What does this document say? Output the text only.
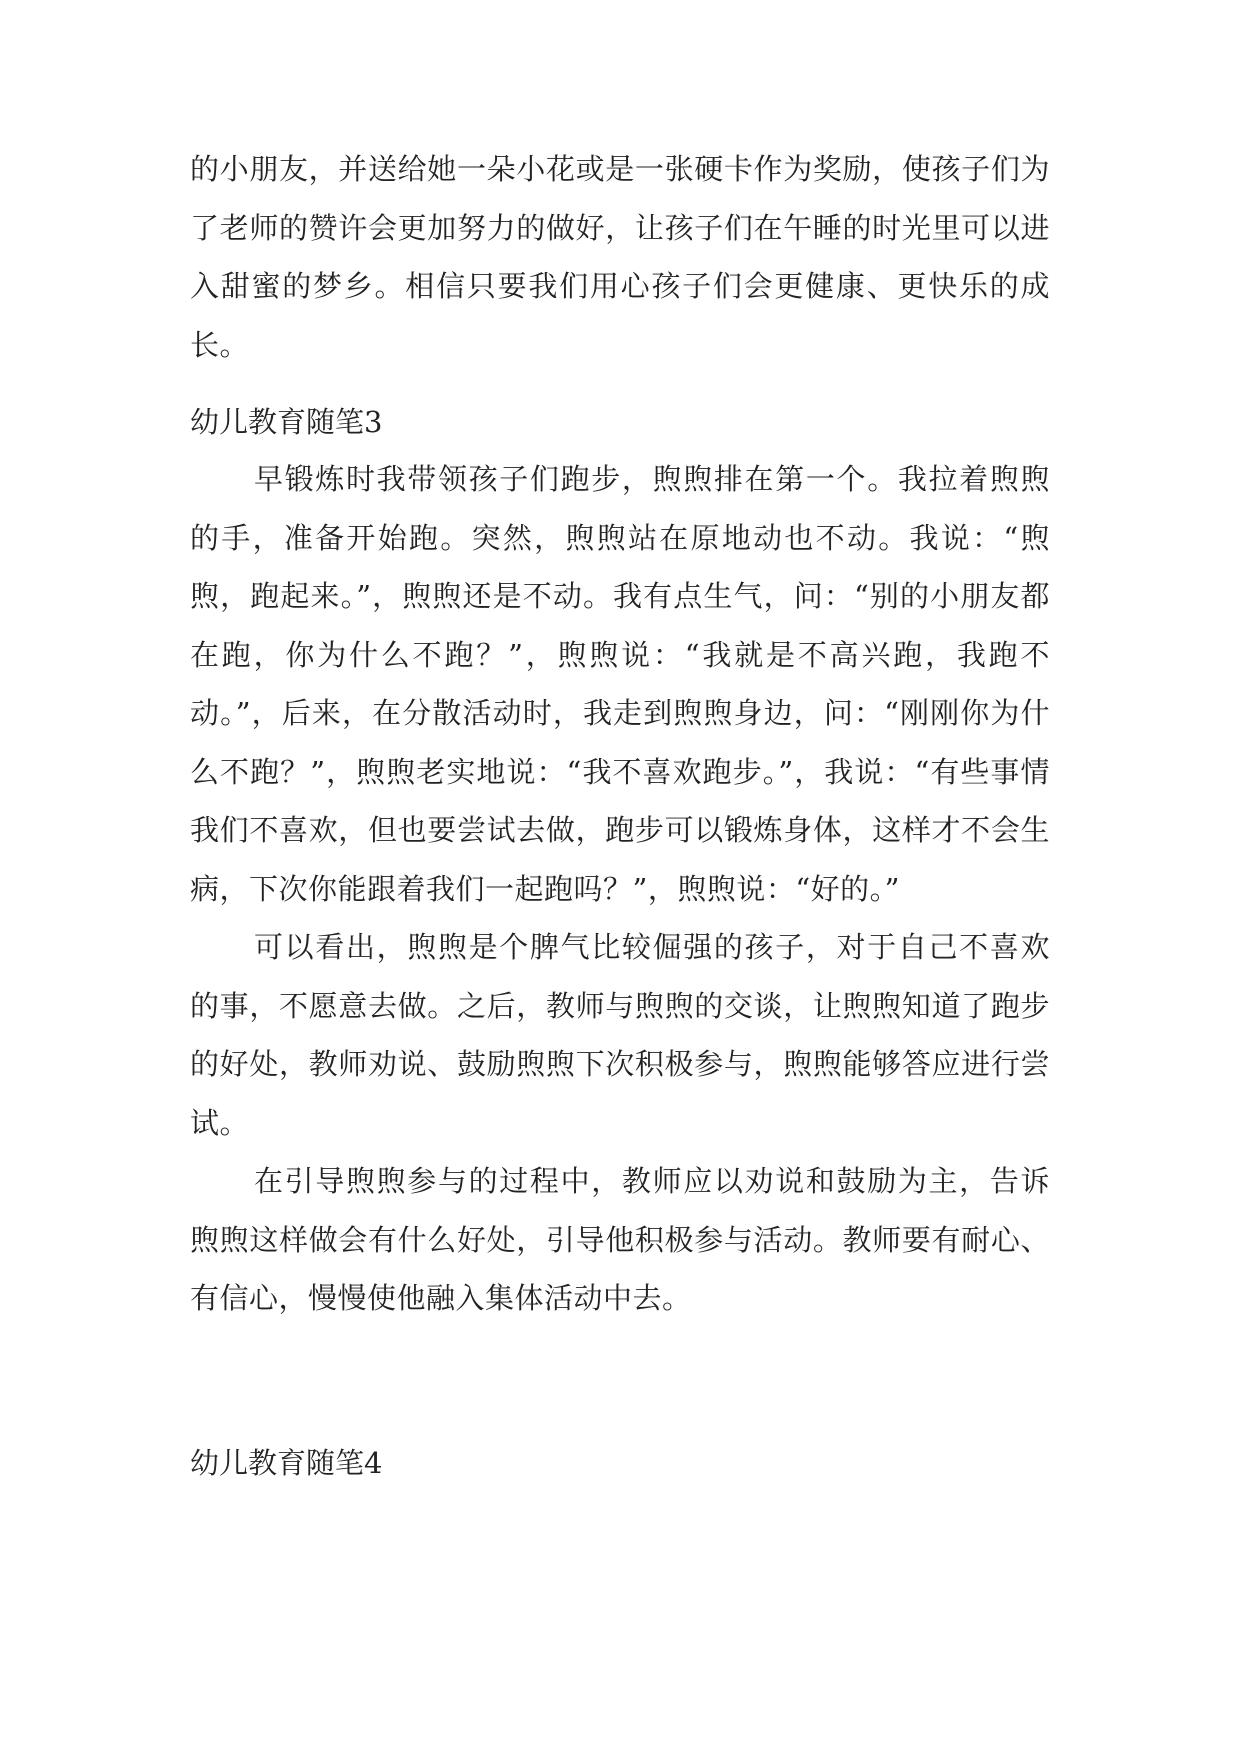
的小朋友，并送给她一朵小花或是一张硬卡作为奖励，使孩子们为了老师的赞许会更加努力的做好，让孩子们在午睡的时光里可以进入甜蜜的梦乡。相信只要我们用心孩子们会更健康、更快乐的成长。

幼儿教育随笔3

早锻炼时我带领孩子们跑步，煦煦排在第一个。我拉着煦煦的手，准备开始跑。突然，煦煦站在原地动也不动。我说：“煦煦，跑起来。”，煦煦还是不动。我有点生气，问：“别的小朋友都在跑，你为什么不跑？”，煦煦说：“我就是不高兴跑，我跑不动。”，后来，在分散活动时，我走到煦煦身边，问：“刚刚你为什么不跑？”，煦煦老实地说：“我不喜欢跑步。”，我说：“有些事情我们不喜欢，但也要尝试去做，跑步可以锻炼身体，这样才不会生病，下次你能跟着我们一起跑吗？”，煦煦说：“好的。”

可以看出，煦煦是个脾气比较倔强的孩子，对于自己不喜欢的事，不愿意去做。之后，教师与煦煦的交谈，让煦煦知道了跑步的好处，教师劝说、鼓励煦煦下次积极参与，煦煦能够答应进行尝试。

在引导煦煦参与的过程中，教师应以劝说和鼓励为主，告诉煦煦这样做会有什么好处，引导他积极参与活动。教师要有耐心、有信心，慢慢使他融入集体活动中去。

幼儿教育随笔4
